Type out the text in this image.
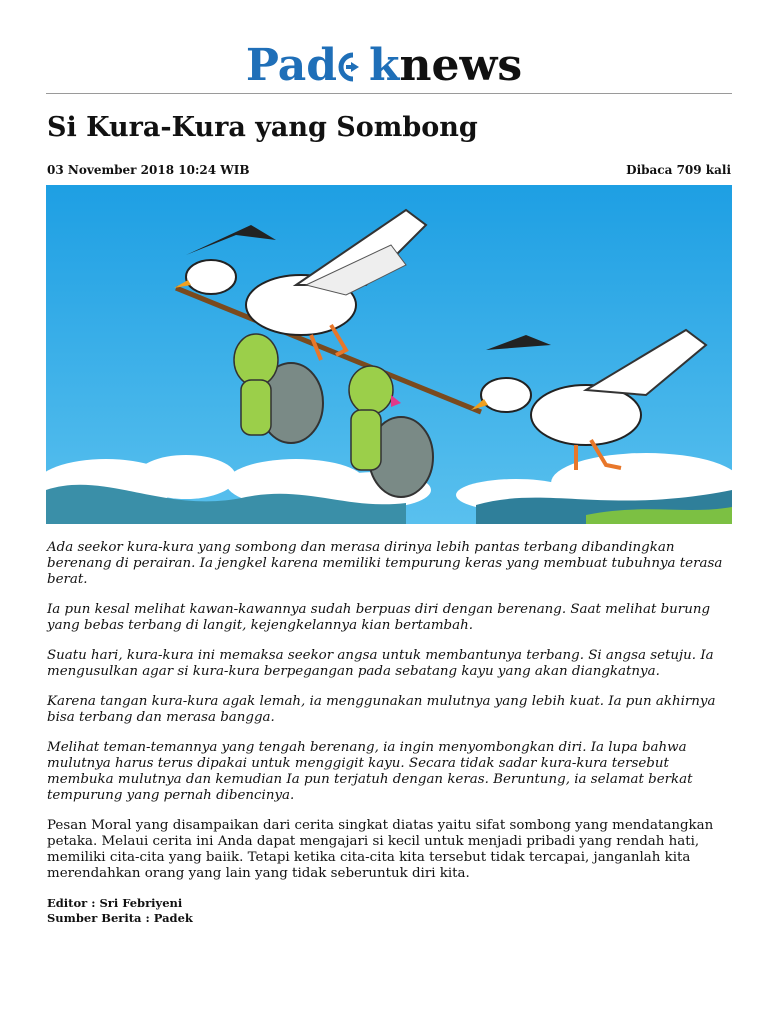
Pad knews
Si Kura-Kura yang Sombong
03 November 2018 10:24 WIB	Dibaca 709 kali

Ada seekor kura-kura yang sombong dan merasa dirinya lebih pantas terbang dibandingkan berenang di perairan. Ia jengkel karena memiliki tempurung keras yang membuat tubuhnya terasa berat.

Ia pun kesal melihat kawan-kawannya sudah berpuas diri dengan berenang. Saat melihat burung yang bebas terbang di langit, kejengkelannya kian bertambah.

Suatu hari, kura-kura ini memaksa seekor angsa untuk membantunya terbang. Si angsa setuju. Ia mengusulkan agar si kura-kura berpegangan pada sebatang kayu yang akan diangkatnya.

Karena tangan kura-kura agak lemah, ia menggunakan mulutnya yang lebih kuat. Ia pun akhirnya bisa terbang dan merasa bangga.

Melihat teman-temannya yang tengah berenang, ia ingin menyombongkan diri. Ia lupa bahwa mulutnya harus terus dipakai untuk menggigit kayu. Secara tidak sadar kura-kura tersebut membuka mulutnya dan kemudian Ia pun terjatuh dengan keras. Beruntung, ia selamat berkat tempurung yang pernah dibencinya.

Pesan Moral yang disampaikan dari cerita singkat diatas yaitu sifat sombong yang mendatangkan petaka. Melaui cerita ini Anda dapat mengajari si kecil untuk menjadi pribadi yang rendah hati, memiliki cita-cita yang baiik. Tetapi ketika cita-cita kita tersebut tidak tercapai, janganlah kita merendahkan orang yang lain yang tidak seberuntuk diri kita.

Editor : Sri Febriyeni
Sumber Berita : Padek
